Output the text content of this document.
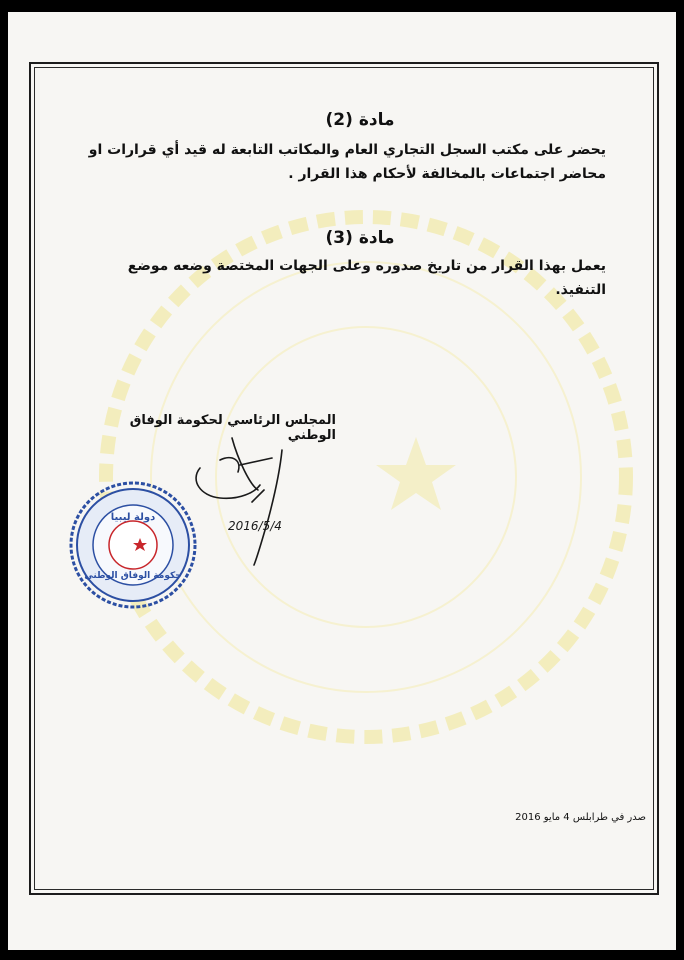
مادة (2)
يحضر على مكتب السجل التجاري العام والمكاتب التابعة له قيد أي قرارات او محاضر اجتماعات بالمخالفة لأحكام هذا القرار .
مادة (3)
يعمل بهذا القرار من تاريخ صدوره وعلى الجهات المختصة وضعه موضع التنفيذ.
المجلس الرئاسي لحكومة الوفاق الوطني
2016/5/4
دولة ليبيا
حكومة الوفاق الوطني
صدر في طرابلس 4 مايو 2016
